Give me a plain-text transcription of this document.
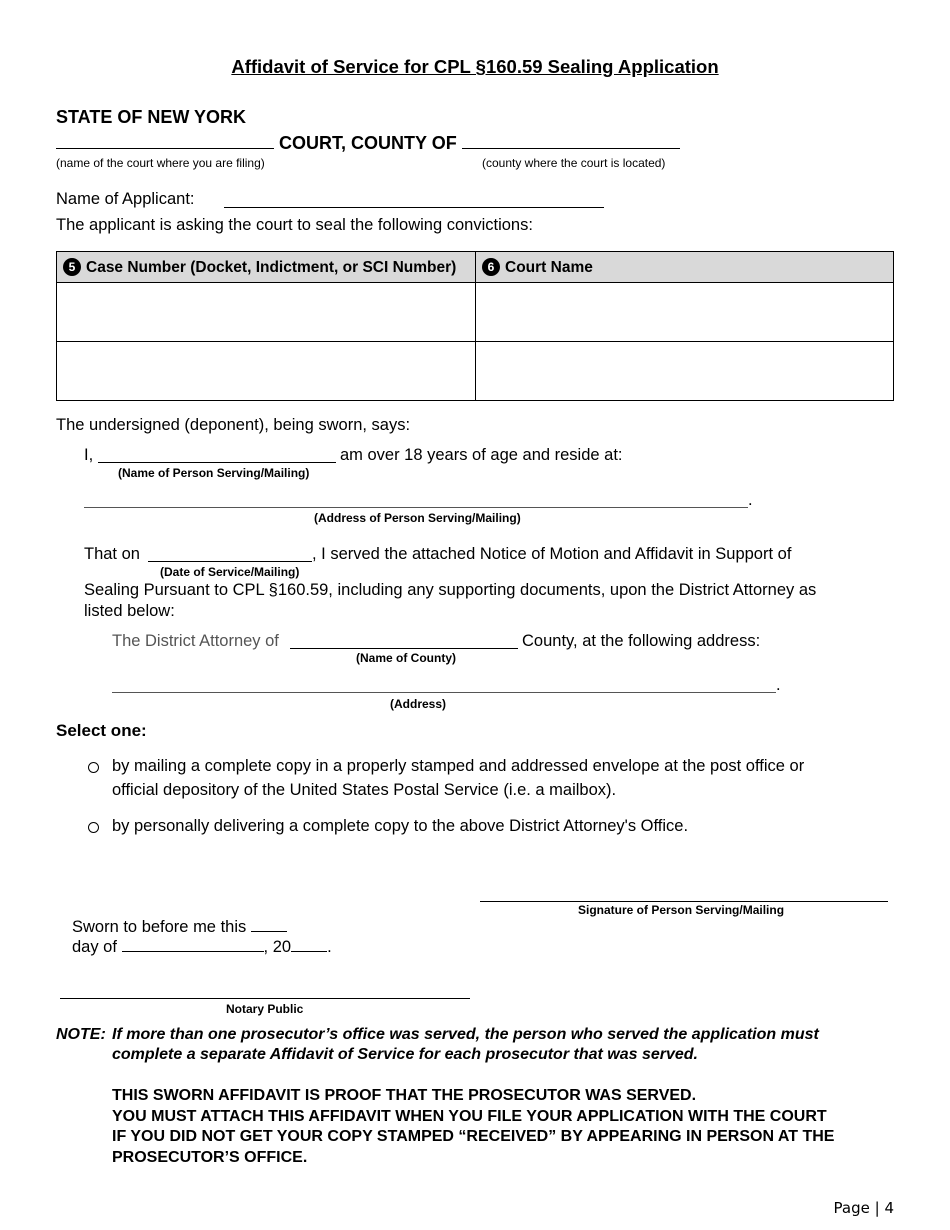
Affidavit of Service for CPL §160.59 Sealing Application
STATE OF NEW YORK
COURT, COUNTY OF
(name of the court where you are filing)	(county where the court is located)
Name of Applicant:
The applicant is asking the court to seal the following convictions:
5 Case Number (Docket, Indictment, or SCI Number)	6 Court Name

The undersigned (deponent), being sworn, says:
I,	am over 18 years of age and reside at:
(Name of Person Serving/Mailing)
.
(Address of Person Serving/Mailing)
That on	, I served the attached Notice of Motion and Affidavit in Support of
(Date of Service/Mailing)
Sealing Pursuant to CPL §160.59, including any supporting documents, upon the District Attorney as
listed below:
The District Attorney of	County, at the following address:
(Name of County)
.
(Address)
Select one:
by mailing a complete copy in a properly stamped and addressed envelope at the post office or
official depository of the United States Postal Service (i.e. a mailbox).
by personally delivering a complete copy to the above District Attorney's Office.
Signature of Person Serving/Mailing
Sworn to before me this
day of	, 20 .
Notary Public
NOTE: If more than one prosecutor’s office was served, the person who served the application must
complete a separate Affidavit of Service for each prosecutor that was served.
THIS SWORN AFFIDAVIT IS PROOF THAT THE PROSECUTOR WAS SERVED.
YOU MUST ATTACH THIS AFFIDAVIT WHEN YOU FILE YOUR APPLICATION WITH THE COURT
IF YOU DID NOT GET YOUR COPY STAMPED “RECEIVED” BY APPEARING IN PERSON AT THE
PROSECUTOR’S OFFICE.
Page | 4
